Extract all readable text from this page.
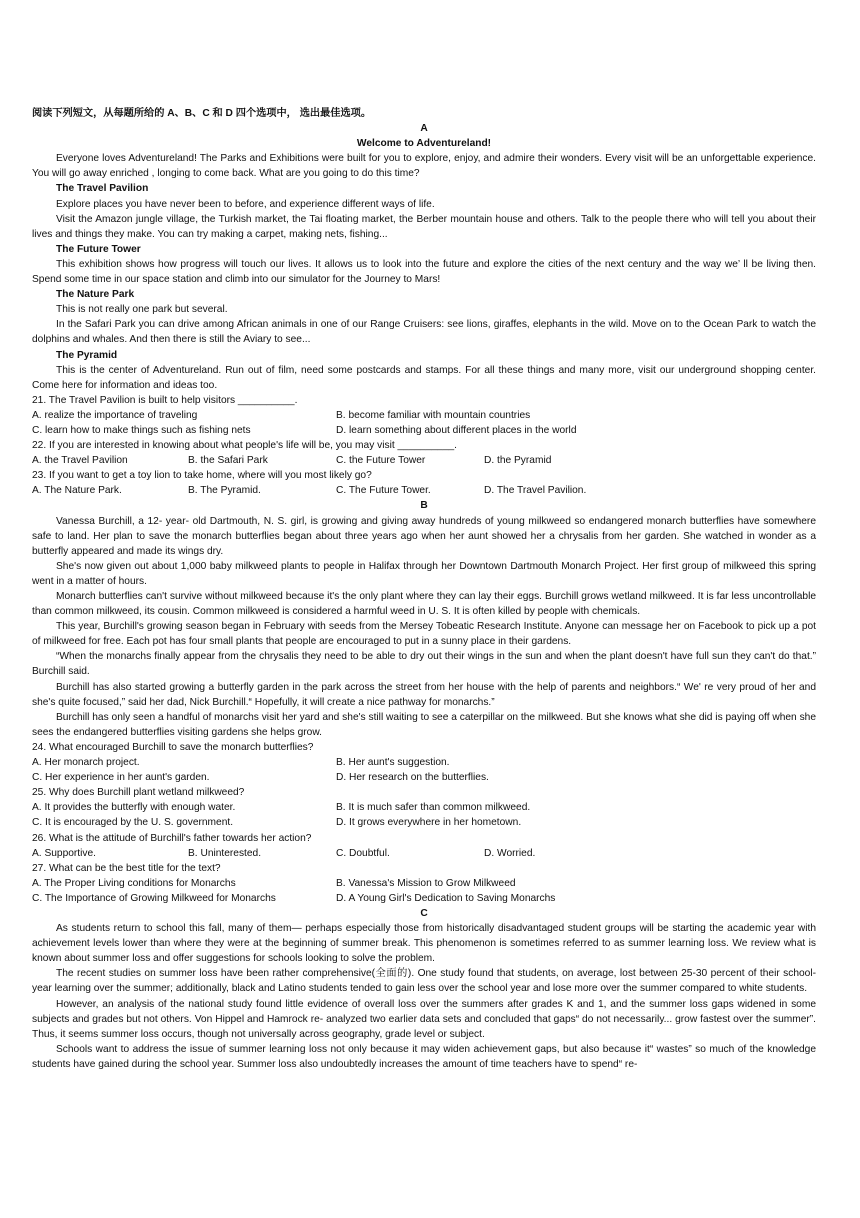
阅读下列短文，从每题所给的 A、B、C 和 D 四个选项中， 选出最佳选项。

A

Welcome to Adventureland!

Everyone loves Adventureland! The Parks and Exhibitions were built for you to explore, enjoy, and admire their wonders. Every visit will be an unforgettable experience. You will go away enriched , longing to come back. What are you going to do this time?

The Travel Pavilion

Explore places you have never been to before, and experience different ways of life.

Visit the Amazon jungle village, the Turkish market, the Tai floating market, the Berber mountain house and others. Talk to the people there who will tell you about their lives and things they make. You can try making a carpet, making nets, fishing...

The Future Tower

This exhibition shows how progress will touch our lives. It allows us to look into the future and explore the cities of the next century and the way we’ ll be living then. Spend some time in our space station and climb into our simulator for the Journey to Mars!

The Nature Park

This is not really one park but several.

In the Safari Park you can drive among African animals in one of our Range Cruisers: see lions, giraffes, elephants in the wild. Move on to the Ocean Park to watch the dolphins and whales. And then there is still the Aviary to see...

The Pyramid

This is the center of Adventureland. Run out of film, need some postcards and stamps. For all these things and many more, visit our underground shopping center. Come here for information and ideas too.

21. The Travel Pavilion is built to help visitors __________.

A. realize the importance of traveling	B. become familiar with mountain countries
C. learn how to make things such as fishing nets	D. learn something about different places in the world

22. If you are interested in knowing about what people's life will be, you may visit __________.

A. the Travel Pavilion	B. the Safari Park	C. the Future Tower	D. the Pyramid

23. If you want to get a toy lion to take home, where will you most likely go?

A. The Nature Park.	B. The Pyramid.	C. The Future Tower.	D. The Travel Pavilion.

B

Vanessa Burchill, a 12- year- old Dartmouth, N. S. girl, is growing and giving away hundreds of young milkweed so endangered monarch butterflies have somewhere safe to land. Her plan to save the monarch butterflies began about three years ago when her aunt showed her a chrysalis from her garden. She watched in wonder as a butterfly appeared and made its wings dry.

She's now given out about 1,000 baby milkweed plants to people in Halifax through her Downtown Dartmouth Monarch Project. Her first group of milkweed this spring went in a matter of hours.

Monarch butterflies can't survive without milkweed because it's the only plant where they can lay their eggs. Burchill grows wetland milkweed. It is far less uncontrollable than common milkweed, its cousin. Common milkweed is considered a harmful weed in U. S. It is often killed by people with chemicals.

This year, Burchill's growing season began in February with seeds from the Mersey Tobeatic Research Institute. Anyone can message her on Facebook to pick up a pot of milkweed for free. Each pot has four small plants that people are encouraged to put in a sunny place in their gardens.

“When the monarchs finally appear from the chrysalis they need to be able to dry out their wings in the sun and when the plant doesn't have full sun they can't do that.” Burchill said.

Burchill has also started growing a butterfly garden in the park across the street from her house with the help of parents and neighbors.“ We' re very proud of her and she's quite focused,” said her dad, Nick Burchill.“ Hopefully, it will create a nice pathway for monarchs.”

Burchill has only seen a handful of monarchs visit her yard and she's still waiting to see a caterpillar on the milkweed. But she knows what she did is paying off when she sees the endangered butterflies visiting gardens she helps grow.

24. What encouraged Burchill to save the monarch butterflies?

A. Her monarch project.	B. Her aunt's suggestion.
C. Her experience in her aunt's garden.	D. Her research on the butterflies.

25. Why does Burchill plant wetland milkweed?

A. It provides the butterfly with enough water.	B. It is much safer than common milkweed.
C. It is encouraged by the U. S. government.	D. It grows everywhere in her hometown.

26. What is the attitude of Burchill's father towards her action?

A. Supportive.	B. Uninterested.	C. Doubtful.	D. Worried.

27. What can be the best title for the text?

A. The Proper Living conditions for Monarchs	B. Vanessa's Mission to Grow Milkweed
C. The Importance of Growing Milkweed for Monarchs	D. A Young Girl's Dedication to Saving Monarchs

C

As students return to school this fall, many of them— perhaps especially those from historically disadvantaged student groups will be starting the academic year with achievement levels lower than where they were at the beginning of summer break. This phenomenon is sometimes referred to as summer learning loss. We review what is known about summer loss and offer suggestions for schools looking to solve the problem.

The recent studies on summer loss have been rather comprehensive(全面的). One study found that students, on average, lost between 25-30 percent of their school- year learning over the summer; additionally, black and Latino students tended to gain less over the school year and lose more over the summer compared to white students.

However, an analysis of the national study found little evidence of overall loss over the summers after grades K and 1, and the summer loss gaps widened in some subjects and grades but not others. Von Hippel and Hamrock re- analyzed two earlier data sets and concluded that gaps“ do not necessarily... grow fastest over the summer”. Thus, it seems summer loss occurs, though not universally across geography, grade level or subject.

Schools want to address the issue of summer learning loss not only because it may widen achievement gaps, but also because it“ wastes” so much of the knowledge students have gained during the school year. Summer loss also undoubtedly increases the amount of time teachers have to spend“ re-
